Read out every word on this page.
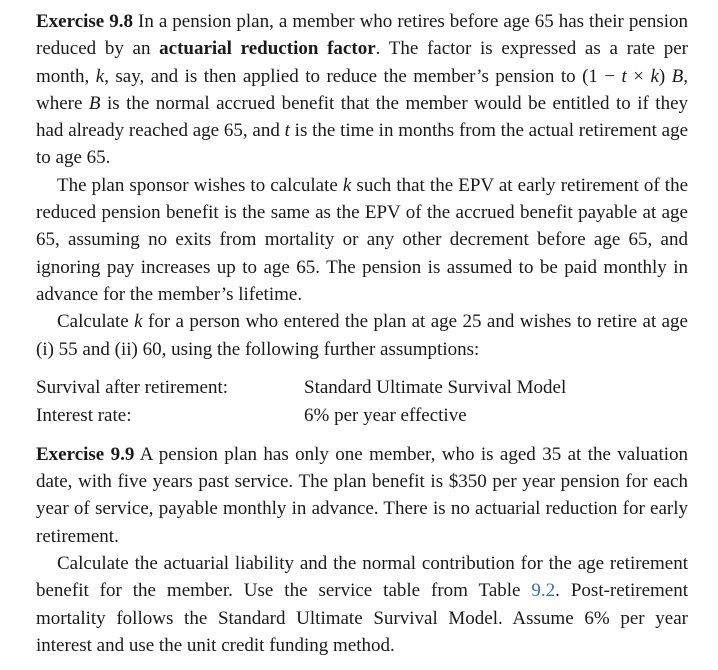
Exercise 9.8 In a pension plan, a member who retires before age 65 has their pension reduced by an actuarial reduction factor. The factor is expressed as a rate per month, k, say, and is then applied to reduce the member’s pension to (1 − t × k) B, where B is the normal accrued benefit that the member would be entitled to if they had already reached age 65, and t is the time in months from the actual retirement age to age 65.

The plan sponsor wishes to calculate k such that the EPV at early retirement of the reduced pension benefit is the same as the EPV of the accrued benefit payable at age 65, assuming no exits from mortality or any other decrement before age 65, and ignoring pay increases up to age 65. The pension is assumed to be paid monthly in advance for the member’s lifetime.

Calculate k for a person who entered the plan at age 25 and wishes to retire at age (i) 55 and (ii) 60, using the following further assumptions:

Survival after retirement:	Standard Ultimate Survival Model
Interest rate:	6% per year effective

Exercise 9.9 A pension plan has only one member, who is aged 35 at the valuation date, with five years past service. The plan benefit is $350 per year pension for each year of service, payable monthly in advance. There is no actuarial reduction for early retirement.

Calculate the actuarial liability and the normal contribution for the age retirement benefit for the member. Use the service table from Table 9.2. Post-retirement mortality follows the Standard Ultimate Survival Model. Assume 6% per year interest and use the unit credit funding method.
